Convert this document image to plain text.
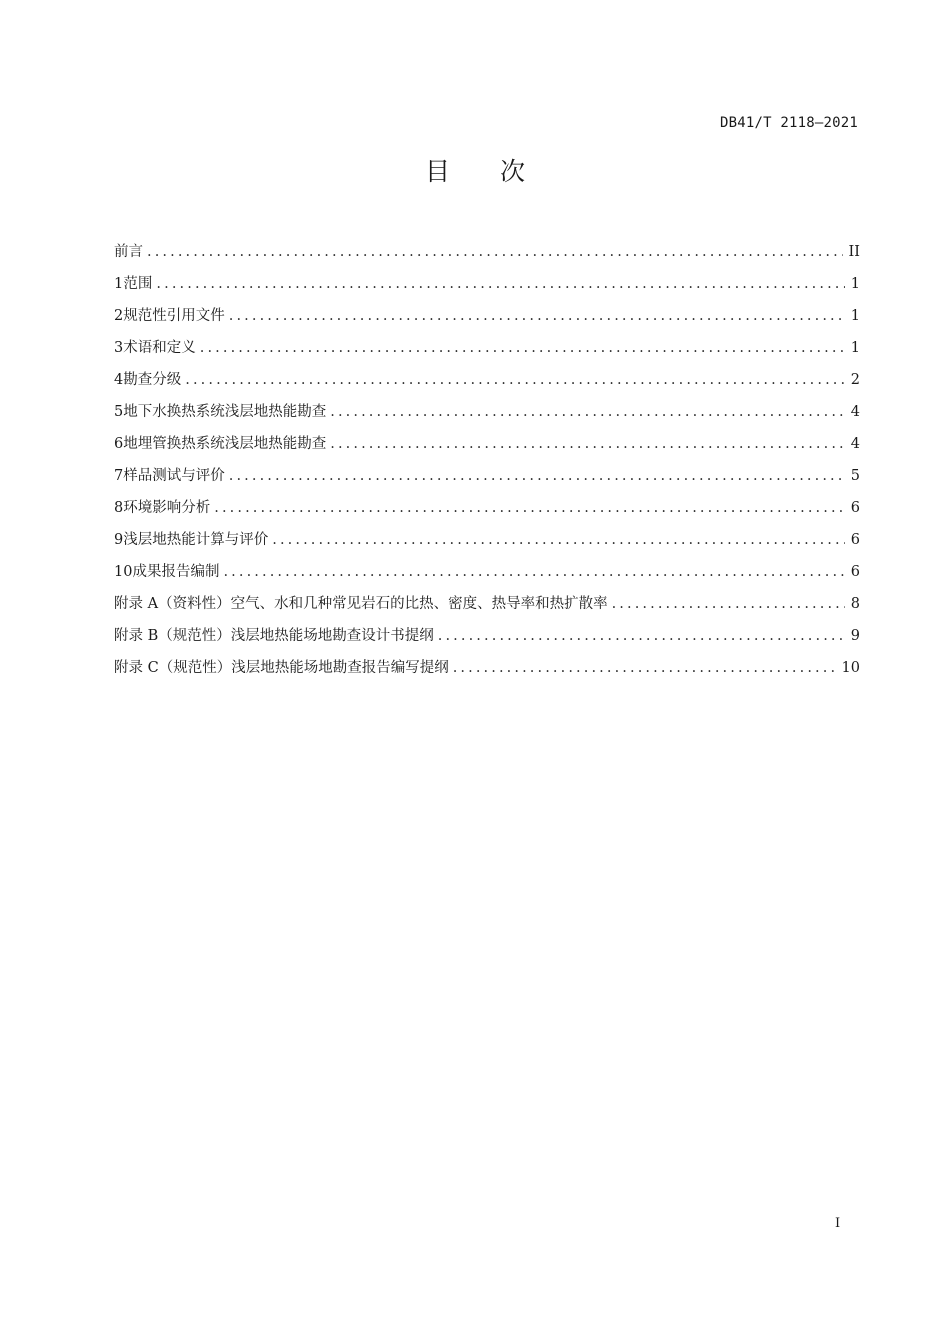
DB41/T 2118—2021
目 次
前言 .....	II
1 范围 .....	1
2 规范性引用文件 .....	1
3 术语和定义 .....	1
4 勘查分级 .....	2
5 地下水换热系统浅层地热能勘查 .....	4
6 地埋管换热系统浅层地热能勘查 .....	4
7 样品测试与评价 .....	5
8 环境影响分析 .....	6
9 浅层地热能计算与评价 .....	6
10 成果报告编制 .....	6
附录 A（资料性） 空气、水和几种常见岩石的比热、密度、热导率和热扩散率 .....	8
附录 B（规范性） 浅层地热能场地勘查设计书提纲 .....	9
附录 C（规范性） 浅层地热能场地勘查报告编写提纲 .....	10
I
